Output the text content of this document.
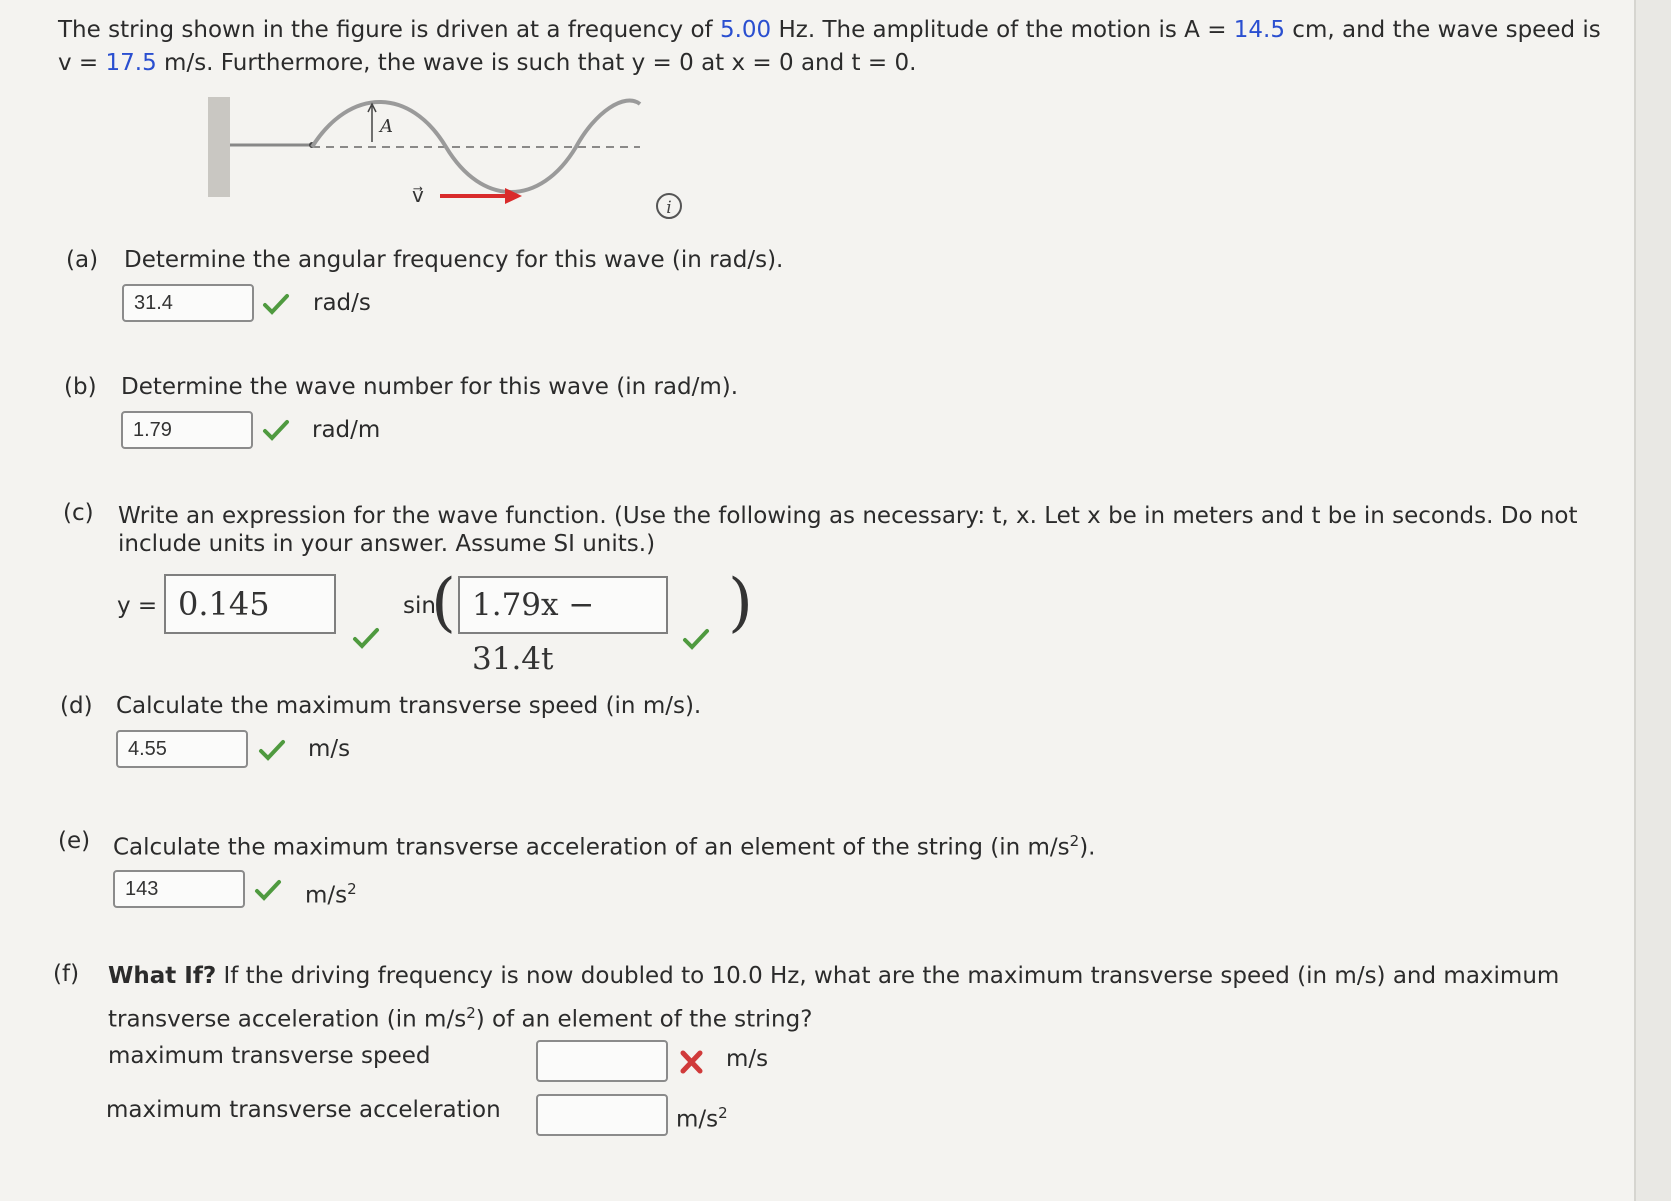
The string shown in the figure is driven at a frequency of 5.00 Hz. The amplitude of the motion is A = 14.5 cm, and the wave speed is
v = 17.5 m/s. Furthermore, the wave is such that y = 0 at x = 0 and t = 0.
A
v⃗
i
(a) Determine the angular frequency for this wave (in rad/s).
31.4	rad/s
(b) Determine the wave number for this wave (in rad/m).
1.79	rad/m
(c) Write an expression for the wave function. (Use the following as necessary: t, x. Let x be in meters and t be in seconds. Do not
include units in your answer. Assume SI units.)
y = 0.145	sin
( 1.79x − 31.4t
)
(d) Calculate the maximum transverse speed (in m/s).
4.55	m/s
(e) Calculate the maximum transverse acceleration of an element of the string (in $m/s^2$).
143	$m/s^2$
(f) What If? If the driving frequency is now doubled to 10.0 Hz, what are the maximum transverse speed (in m/s) and maximum
transverse acceleration (in $m/s^2$) of an element of the string?
maximum transverse speed	m/s
maximum transverse acceleration	$m/s^2$
